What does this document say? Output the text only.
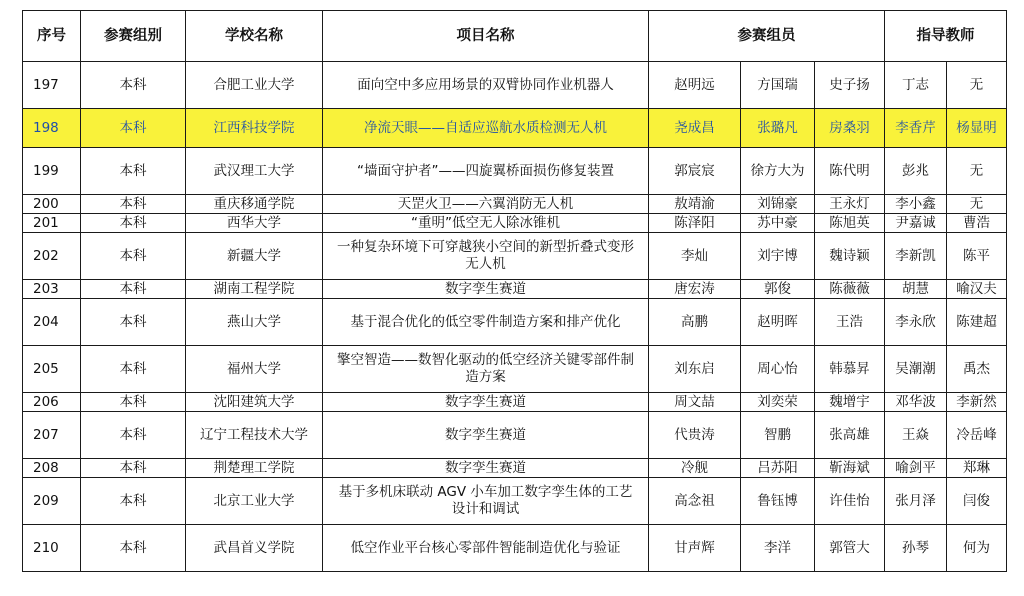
序号	参赛组别	学校名称	项目名称	参赛组员			指导教师	
197	本科	合肥工业大学	面向空中多应用场景的双臂协同作业机器人	赵明远	方国瑞	史子扬	丁志	无
198	本科	江西科技学院	净流天眼——自适应巡航水质检测无人机	尧成昌	张璐凡	房桑羽	李香芹	杨显明
199	本科	武汉理工大学	“墙面守护者”——四旋翼桥面损伤修复装置	郭宸宸	徐方大为	陈代明	彭兆	无
200	本科	重庆移通学院	天罡火卫——六翼消防无人机	敖靖渝	刘锦豪	王永灯	李小鑫	无
201	本科	西华大学	“重明”低空无人除冰锥机	陈泽阳	苏中豪	陈旭英	尹嘉诚	曹浩
202	本科	新疆大学	一种复杂环境下可穿越狭小空间的新型折叠式变形无人机	李灿	刘宇博	魏诗颖	李新凯	陈平
203	本科	湖南工程学院	数字孪生赛道	唐宏涛	郭俊	陈薇薇	胡慧	喻汉夫
204	本科	燕山大学	基于混合优化的低空零件制造方案和排产优化	高鹏	赵明晖	王浩	李永欣	陈建超
205	本科	福州大学	擎空智造——数智化驱动的低空经济关键零部件制造方案	刘东启	周心怡	韩慕昇	吴潮潮	禹杰
206	本科	沈阳建筑大学	数字孪生赛道	周文喆	刘奕荣	魏增宇	邓华波	李新然
207	本科	辽宁工程技术大学	数字孪生赛道	代贵涛	智鹏	张高雄	王焱	冷岳峰
208	本科	荆楚理工学院	数字孪生赛道	冷舰	吕苏阳	靳海斌	喻剑平	郑琳
209	本科	北京工业大学	基于多机床联动 AGV 小车加工数字孪生体的工艺设计和调试	高念祖	鲁钰博	许佳怡	张月泽	闫俊
210	本科	武昌首义学院	低空作业平台核心零部件智能制造优化与验证	甘声辉	李洋	郭管大	孙琴	何为
